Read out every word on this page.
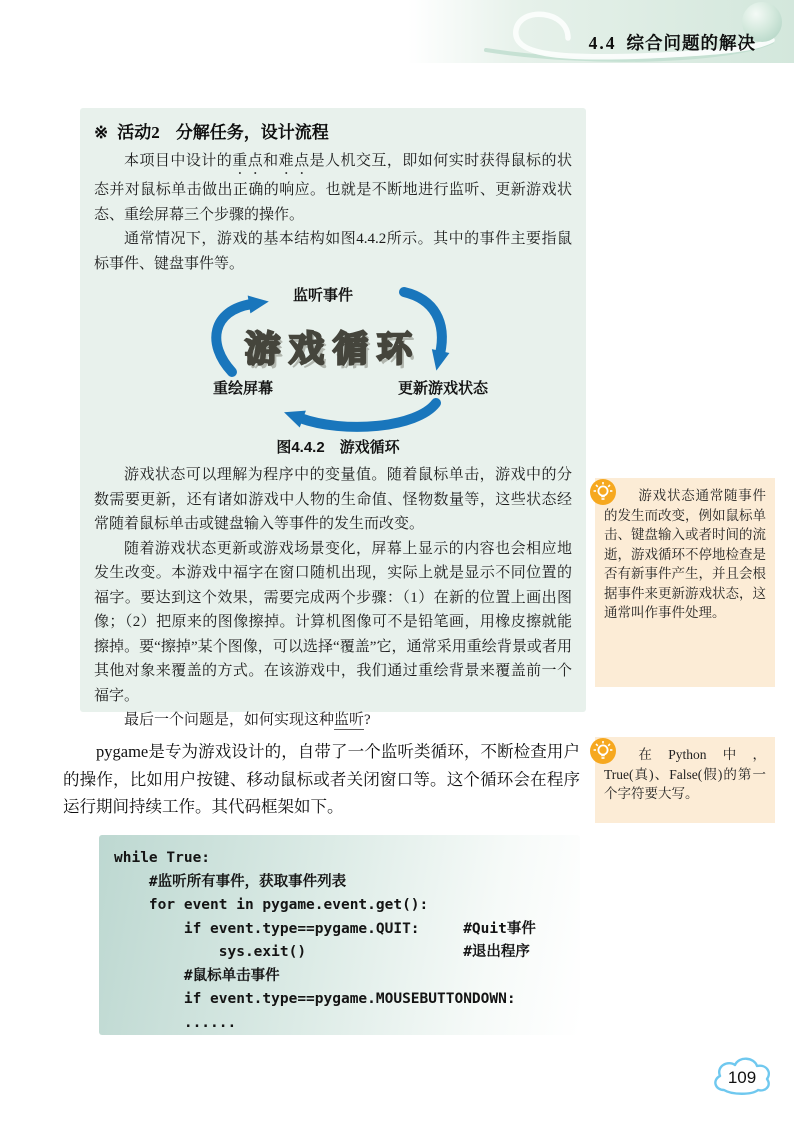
4.4 综合问题的解决
※ 活动2 分解任务，设计流程

本项目中设计的重点和难点是人机交互，即如何实时获得鼠标的状态并对鼠标单击做出正确的响应。也就是不断地进行监听、更新游戏状态、重绘屏幕三个步骤的操作。

通常情况下，游戏的基本结构如图4.4.2所示。其中的事件主要指鼠标事件、键盘事件等。

监听事件
游戏循环
重绘屏幕	更新游戏状态
图4.4.2　游戏循环

游戏状态可以理解为程序中的变量值。随着鼠标单击，游戏中的分数需要更新，还有诸如游戏中人物的生命值、怪物数量等，这些状态经常随着鼠标单击或键盘输入等事件的发生而改变。

随着游戏状态更新或游戏场景变化，屏幕上显示的内容也会相应地发生改变。本游戏中福字在窗口随机出现，实际上就是显示不同位置的福字。要达到这个效果，需要完成两个步骤：（1）在新的位置上画出图像；（2）把原来的图像擦掉。计算机图像可不是铅笔画，用橡皮擦就能擦掉。要“擦掉”某个图像，可以选择“覆盖”它，通常采用重绘背景或者用其他对象来覆盖的方式。在该游戏中，我们通过重绘背景来覆盖前一个福字。

最后一个问题是，如何实现这种监听?

游戏状态通常随事件的发生而改变，例如鼠标单击、键盘输入或者时间的流逝，游戏循环不停地检查是否有新事件产生，并且会根据事件来更新游戏状态，这通常叫作事件处理。
在Python中，True(真)、False(假)的第一个字符要大写。
pygame是专为游戏设计的，自带了一个监听类循环，不断检查用户的操作，比如用户按键、移动鼠标或者关闭窗口等。这个循环会在程序运行期间持续工作。其代码框架如下。
while True:
#监听所有事件，获取事件列表
for event in pygame.event.get():
if event.type==pygame.QUIT:     #Quit事件
sys.exit()                  #退出程序
#鼠标单击事件
if event.type==pygame.MOUSEBUTTONDOWN:
......
109
